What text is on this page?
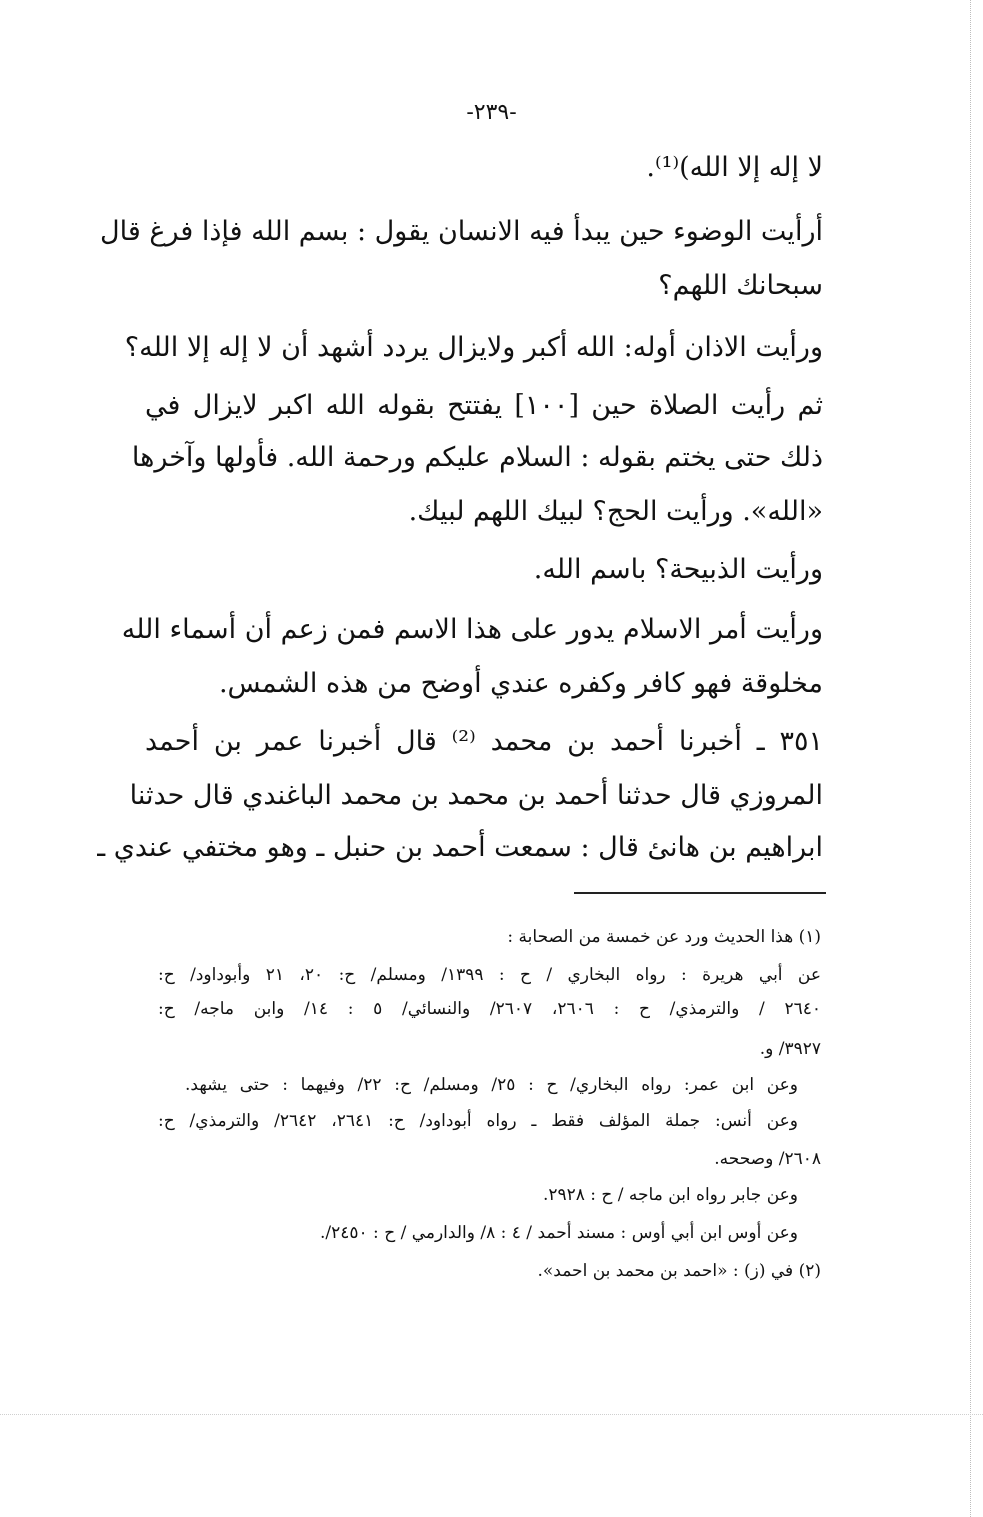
-٢٣٩-
لا إله إلا الله)⁽¹⁾.
أرأيت الوضوء حين يبدأ فيه الانسان يقول : بسم الله فإذا فرغ قال
سبحانك اللهم؟
ورأيت الاذان أوله: الله أكبر ولايزال يردد أشهد أن لا إله إلا الله؟
ثم رأيت الصلاة حين [١٠٠] يفتتح بقوله الله اكبر لايزال في
ذلك حتى يختم بقوله : السلام عليكم ورحمة الله. فأولها وآخرها
«الله». ورأيت الحج؟ لبيك اللهم لبيك.
ورأيت الذبيحة؟ باسم الله.
ورأيت أمر الاسلام يدور على هذا الاسم فمن زعم أن أسماء الله
مخلوقة فهو كافر وكفره عندي أوضح من هذه الشمس.
٣٥١ ـ أخبرنا أحمد بن محمد ⁽²⁾ قال أخبرنا عمر بن أحمد
المروزي قال حدثنا أحمد بن محمد بن محمد الباغندي قال حدثنا
ابراهيم بن هانئ قال : سمعت أحمد بن حنبل ـ وهو مختفي عندي ـ
(١) هذا الحديث ورد عن خمسة من الصحابة :
عن أبي هريرة : رواه البخاري / ح : ١٣٩٩/ ومسلم/ ح: ٢٠، ٢١ وأبوداود/ ح:
٢٦٤٠ / والترمذي/ ح : ٢٦٠٦، ٢٦٠٧/ والنسائي/ ٥ : ١٤/ وابن ماجه/ ح:
٣٩٢٧/ و.
وعن ابن عمر: رواه البخاري/ ح : ٢٥/ ومسلم/ ح: ٢٢/ وفيهما : حتى يشهد.
وعن أنس: جملة المؤلف فقط ـ رواه أبوداود/ ح: ٢٦٤١، ٢٦٤٢/ والترمذي/ ح:
٢٦٠٨/ وصححه.
وعن جابر رواه ابن ماجه / ح : ٢٩٢٨.
وعن أوس ابن أبي أوس : مسند أحمد / ٤ : ٨/ والدارمي / ح : ٢٤٥٠/.
(٢) في (ز) : «احمد بن محمد بن احمد».
